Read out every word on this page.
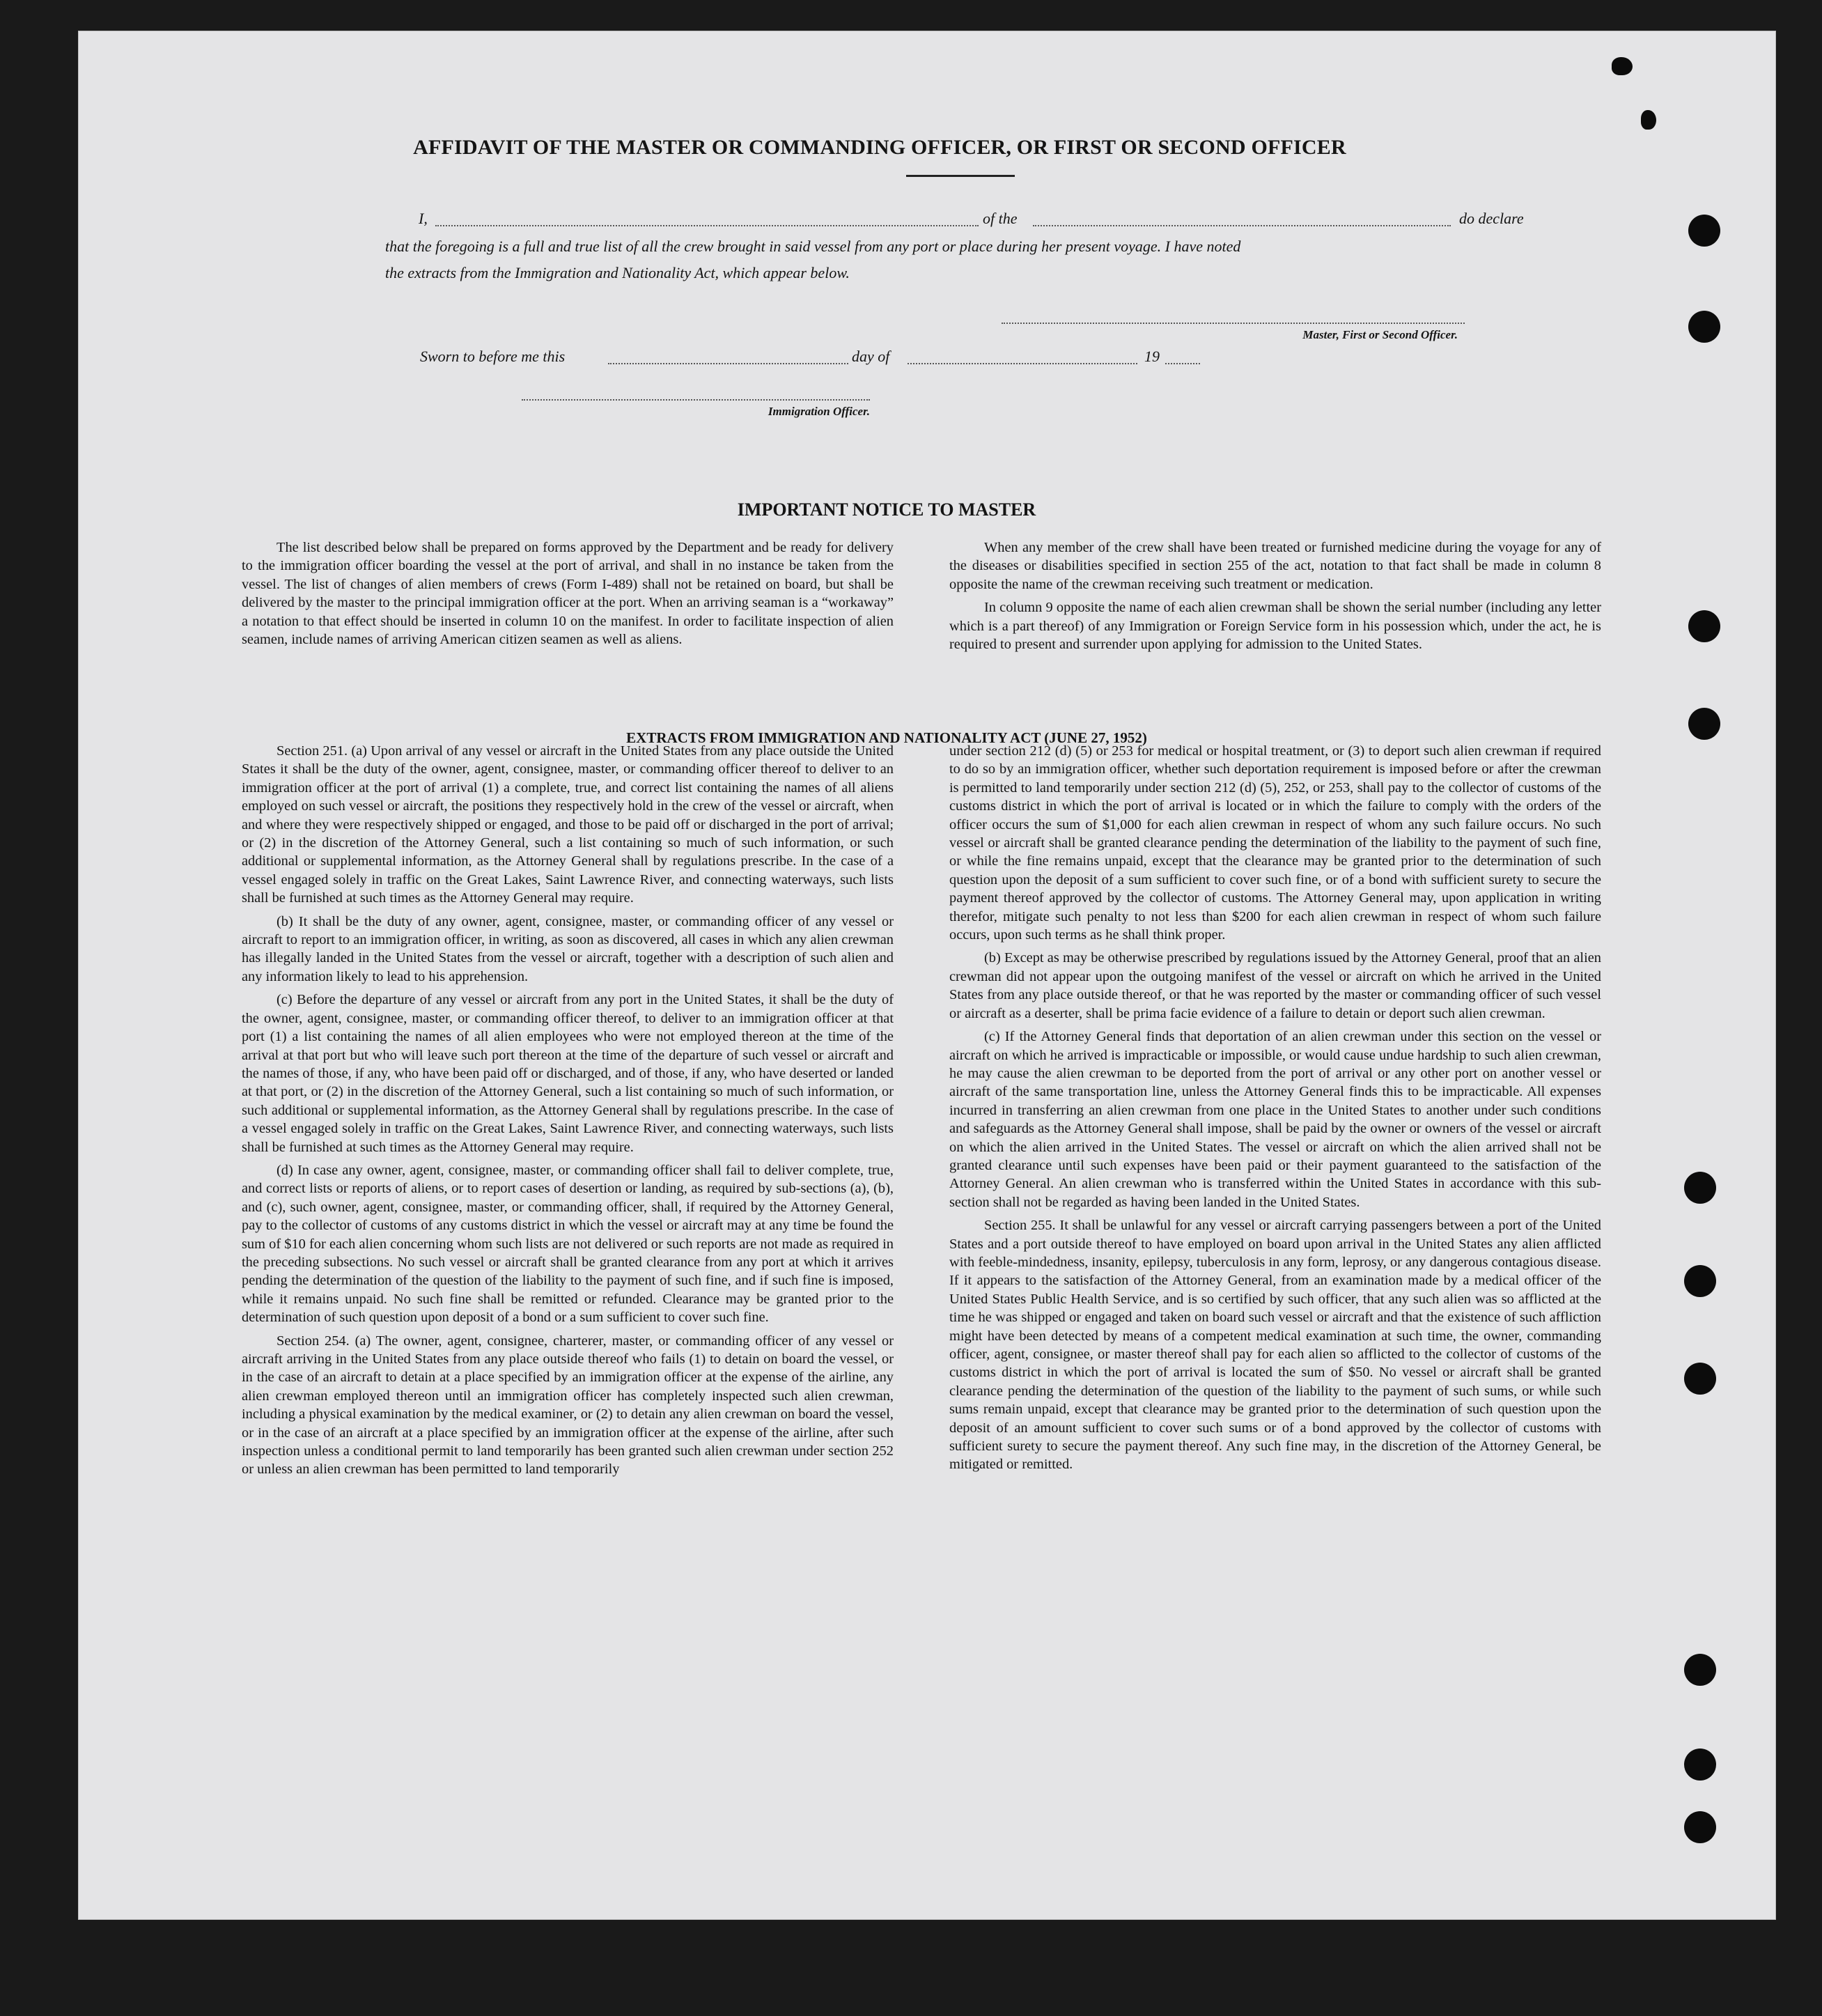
AFFIDAVIT OF THE MASTER OR COMMANDING OFFICER, OR FIRST OR SECOND OFFICER
I,	of the	do declare
that the foregoing is a full and true list of all the crew brought in said vessel from any port or place during her present voyage. I have noted
the extracts from the Immigration and Nationality Act, which appear below.
Master, First or Second Officer.
Sworn to before me this	day of	19
Immigration Officer.
IMPORTANT NOTICE TO MASTER

The list described below shall be prepared on forms approved by the Department and be ready for delivery to the immigration officer boarding the vessel at the port of arrival, and shall in no instance be taken from the vessel. The list of changes of alien members of crews (Form I-489) shall not be retained on board, but shall be delivered by the master to the principal immigration officer at the port. When an arriving seaman is a “workaway” a notation to that effect should be inserted in column 10 on the manifest. In order to facilitate inspection of alien seamen, include names of arriving American citizen seamen as well as aliens.

When any member of the crew shall have been treated or furnished medicine during the voyage for any of the diseases or disabilities specified in section 255 of the act, notation to that fact shall be made in column 8 opposite the name of the crewman receiving such treatment or medication.

In column 9 opposite the name of each alien crewman shall be shown the serial number (including any letter which is a part thereof) of any Immigration or Foreign Service form in his possession which, under the act, he is required to present and surrender upon applying for admission to the United States.

EXTRACTS FROM IMMIGRATION AND NATIONALITY ACT (JUNE 27, 1952)

Section 251. (a) Upon arrival of any vessel or aircraft in the United States from any place outside the United States it shall be the duty of the owner, agent, consignee, master, or commanding officer thereof to deliver to an immigration officer at the port of arrival (1) a complete, true, and correct list containing the names of all aliens employed on such vessel or aircraft, the positions they respectively hold in the crew of the vessel or aircraft, when and where they were respectively shipped or engaged, and those to be paid off or discharged in the port of arrival; or (2) in the discretion of the Attorney General, such a list containing so much of such information, or such additional or supplemental information, as the Attorney General shall by regulations prescribe. In the case of a vessel engaged solely in traffic on the Great Lakes, Saint Lawrence River, and connecting waterways, such lists shall be furnished at such times as the Attorney General may require.

(b) It shall be the duty of any owner, agent, consignee, master, or commanding officer of any vessel or aircraft to report to an immigration officer, in writing, as soon as discovered, all cases in which any alien crewman has illegally landed in the United States from the vessel or aircraft, together with a description of such alien and any information likely to lead to his apprehension.

(c) Before the departure of any vessel or aircraft from any port in the United States, it shall be the duty of the owner, agent, consignee, master, or commanding officer thereof, to deliver to an immigration officer at that port (1) a list containing the names of all alien employees who were not employed thereon at the time of the arrival at that port but who will leave such port thereon at the time of the departure of such vessel or aircraft and the names of those, if any, who have been paid off or discharged, and of those, if any, who have deserted or landed at that port, or (2) in the discretion of the Attorney General, such a list containing so much of such information, or such additional or supplemental information, as the Attorney General shall by regulations prescribe. In the case of a vessel engaged solely in traffic on the Great Lakes, Saint Lawrence River, and connecting waterways, such lists shall be furnished at such times as the Attorney General may require.

(d) In case any owner, agent, consignee, master, or commanding officer shall fail to deliver complete, true, and correct lists or reports of aliens, or to report cases of desertion or landing, as required by sub-sections (a), (b), and (c), such owner, agent, consignee, master, or commanding officer, shall, if required by the Attorney General, pay to the collector of customs of any customs district in which the vessel or aircraft may at any time be found the sum of $10 for each alien concerning whom such lists are not delivered or such reports are not made as required in the preceding subsections. No such vessel or aircraft shall be granted clearance from any port at which it arrives pending the determination of the question of the liability to the payment of such fine, and if such fine is imposed, while it remains unpaid. No such fine shall be remitted or refunded. Clearance may be granted prior to the determination of such question upon deposit of a bond or a sum sufficient to cover such fine.

Section 254. (a) The owner, agent, consignee, charterer, master, or commanding officer of any vessel or aircraft arriving in the United States from any place outside thereof who fails (1) to detain on board the vessel, or in the case of an aircraft to detain at a place specified by an immigration officer at the expense of the airline, any alien crewman employed thereon until an immigration officer has completely inspected such alien crewman, including a physical examination by the medical examiner, or (2) to detain any alien crewman on board the vessel, or in the case of an aircraft at a place specified by an immigration officer at the expense of the airline, after such inspection unless a conditional permit to land temporarily has been granted such alien crewman under section 252 or unless an alien crewman has been permitted to land temporarily

under section 212 (d) (5) or 253 for medical or hospital treatment, or (3) to deport such alien crewman if required to do so by an immigration officer, whether such deportation requirement is imposed before or after the crewman is permitted to land temporarily under section 212 (d) (5), 252, or 253, shall pay to the collector of customs of the customs district in which the port of arrival is located or in which the failure to comply with the orders of the officer occurs the sum of $1,000 for each alien crewman in respect of whom any such failure occurs. No such vessel or aircraft shall be granted clearance pending the determination of the liability to the payment of such fine, or while the fine remains unpaid, except that the clearance may be granted prior to the determination of such question upon the deposit of a sum sufficient to cover such fine, or of a bond with sufficient surety to secure the payment thereof approved by the collector of customs. The Attorney General may, upon application in writing therefor, mitigate such penalty to not less than $200 for each alien crewman in respect of whom such failure occurs, upon such terms as he shall think proper.

(b) Except as may be otherwise prescribed by regulations issued by the Attorney General, proof that an alien crewman did not appear upon the outgoing manifest of the vessel or aircraft on which he arrived in the United States from any place outside thereof, or that he was reported by the master or commanding officer of such vessel or aircraft as a deserter, shall be prima facie evidence of a failure to detain or deport such alien crewman.

(c) If the Attorney General finds that deportation of an alien crewman under this section on the vessel or aircraft on which he arrived is impracticable or impossible, or would cause undue hardship to such alien crewman, he may cause the alien crewman to be deported from the port of arrival or any other port on another vessel or aircraft of the same transportation line, unless the Attorney General finds this to be impracticable. All expenses incurred in transferring an alien crewman from one place in the United States to another under such conditions and safeguards as the Attorney General shall impose, shall be paid by the owner or owners of the vessel or aircraft on which the alien arrived in the United States. The vessel or aircraft on which the alien arrived shall not be granted clearance until such expenses have been paid or their payment guaranteed to the satisfaction of the Attorney General. An alien crewman who is transferred within the United States in accordance with this sub-section shall not be regarded as having been landed in the United States.

Section 255. It shall be unlawful for any vessel or aircraft carrying passengers between a port of the United States and a port outside thereof to have employed on board upon arrival in the United States any alien afflicted with feeble-mindedness, insanity, epilepsy, tuberculosis in any form, leprosy, or any dangerous contagious disease. If it appears to the satisfaction of the Attorney General, from an examination made by a medical officer of the United States Public Health Service, and is so certified by such officer, that any such alien was so afflicted at the time he was shipped or engaged and taken on board such vessel or aircraft and that the existence of such affliction might have been detected by means of a competent medical examination at such time, the owner, commanding officer, agent, consignee, or master thereof shall pay for each alien so afflicted to the collector of customs of the customs district in which the port of arrival is located the sum of $50. No vessel or aircraft shall be granted clearance pending the determination of the question of the liability to the payment of such sums, or while such sums remain unpaid, except that clearance may be granted prior to the determination of such question upon the deposit of an amount sufficient to cover such sums or of a bond approved by the collector of customs with sufficient surety to secure the payment thereof. Any such fine may, in the discretion of the Attorney General, be mitigated or remitted.
